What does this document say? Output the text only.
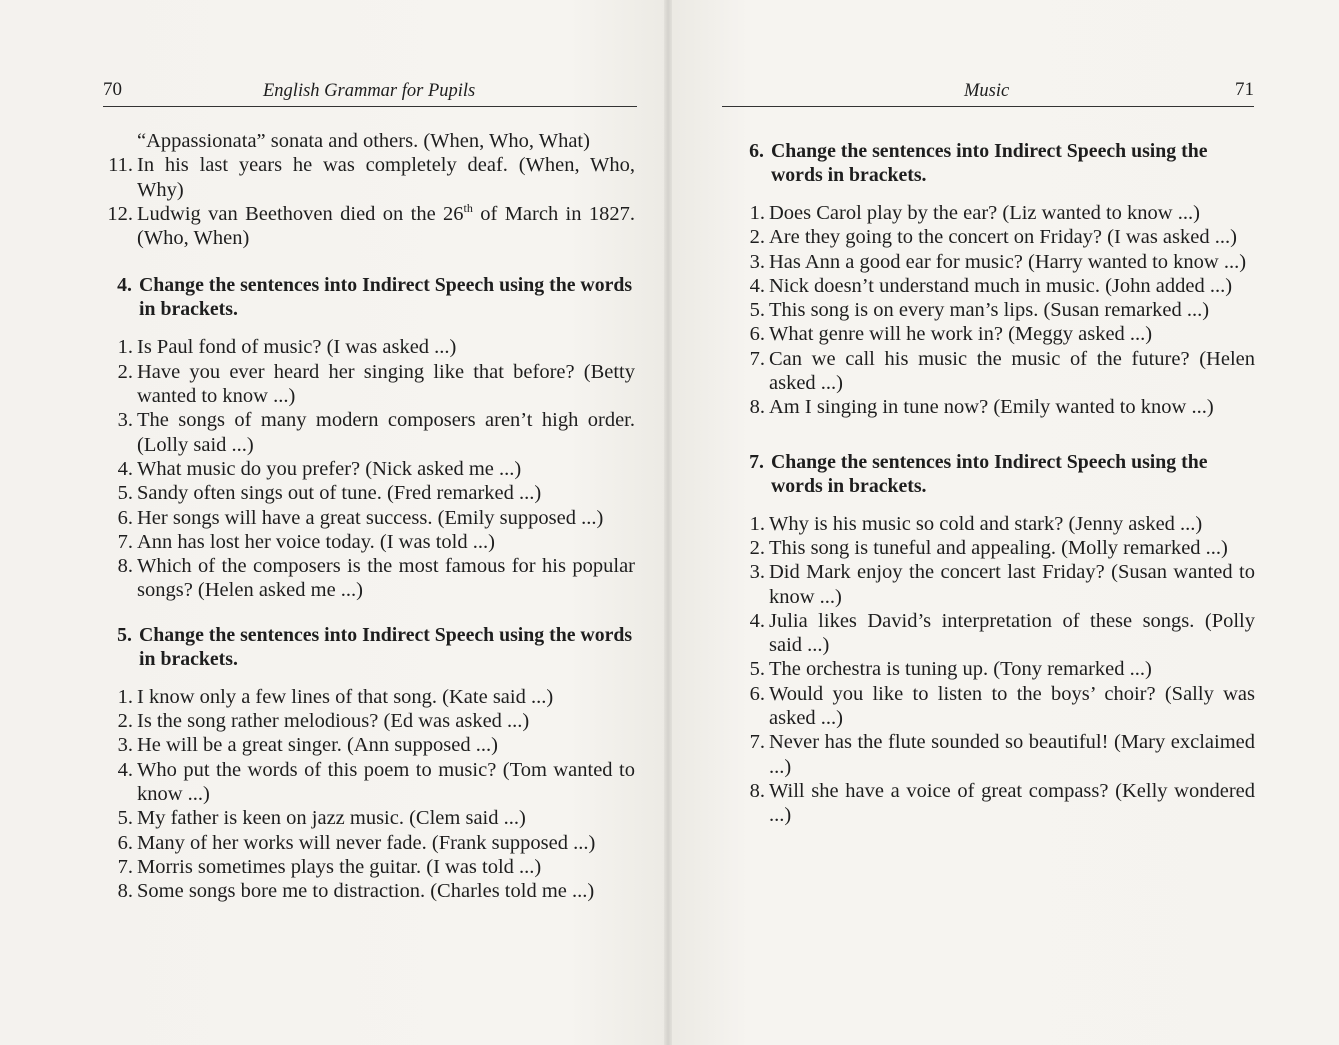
70	English Grammar for Pupils
“Appassionata” sonata and others. (When, Who, What)
11. In his last years he was completely deaf. (When, Who, Why)
12. Ludwig van Beethoven died on the 26th of March in 1827. (Who, When)
4. Change the sentences into Indirect Speech using the words in brackets.
1. Is Paul fond of music? (I was asked ...)
2. Have you ever heard her singing like that before? (Betty wanted to know ...)
3. The songs of many modern composers aren’t high order. (Lolly said ...)
4. What music do you prefer? (Nick asked me ...)
5. Sandy often sings out of tune. (Fred remarked ...)
6. Her songs will have a great success. (Emily supposed ...)
7. Ann has lost her voice today. (I was told ...)
8. Which of the composers is the most famous for his popular songs? (Helen asked me ...)
5. Change the sentences into Indirect Speech using the words in brackets.
1. I know only a few lines of that song. (Kate said ...)
2. Is the song rather melodious? (Ed was asked ...)
3. He will be a great singer. (Ann supposed ...)
4. Who put the words of this poem to music? (Tom wanted to know ...)
5. My father is keen on jazz music. (Clem said ...)
6. Many of her works will never fade. (Frank supposed ...)
7. Morris sometimes plays the guitar. (I was told ...)
8. Some songs bore me to distraction. (Charles told me ...)
Music	71
6. Change the sentences into Indirect Speech using the words in brackets.
1. Does Carol play by the ear? (Liz wanted to know ...)
2. Are they going to the concert on Friday? (I was asked ...)
3. Has Ann a good ear for music? (Harry wanted to know ...)
4. Nick doesn’t understand much in music. (John added ...)
5. This song is on every man’s lips. (Susan remarked ...)
6. What genre will he work in? (Meggy asked ...)
7. Can we call his music the music of the future? (Helen asked ...)
8. Am I singing in tune now? (Emily wanted to know ...)
7. Change the sentences into Indirect Speech using the words in brackets.
1. Why is his music so cold and stark? (Jenny asked ...)
2. This song is tuneful and appealing. (Molly remarked ...)
3. Did Mark enjoy the concert last Friday? (Susan wanted to know ...)
4. Julia likes David’s interpretation of these songs. (Polly said ...)
5. The orchestra is tuning up. (Tony remarked ...)
6. Would you like to listen to the boys’ choir? (Sally was asked ...)
7. Never has the flute sounded so beautiful! (Mary exclaimed ...)
8. Will she have a voice of great compass? (Kelly wondered ...)
